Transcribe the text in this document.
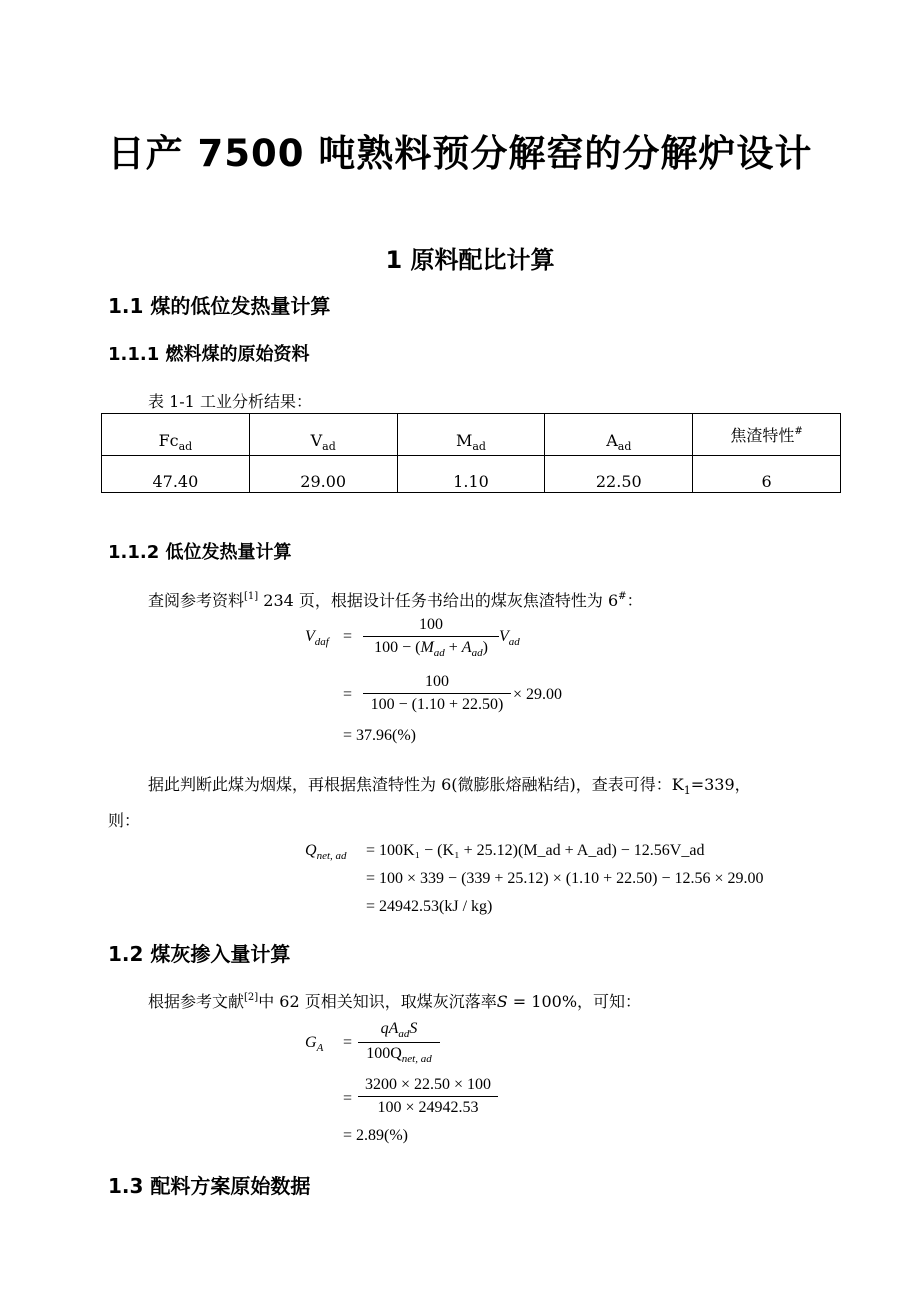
日产 7500 吨熟料预分解窑的分解炉设计
1 原料配比计算
1.1 煤的低位发热量计算
1.1.1 燃料煤的原始资料
表 1-1 工业分析结果：
$Fc_{ad}$	$V_{ad}$	$M_{ad}$	$A_{ad}$	焦渣特性#
47.40	29.00	1.10	22.50	6
1.1.2 低位发热量计算
查阅参考资料[1] 234 页，根据设计任务书给出的煤灰焦渣特性为 6#：
$V_{daf}$ =
100
$100 - (M_{ad} + A_{ad})$
$V_{ad}$
=
100
100 − (1.10 + 22.50)
× 29.00
= 37.96(%)
据此判断此煤为烟煤，再根据焦渣特性为 6(微膨胀熔融粘结)，查表可得：$K_1=339$，
则：
$Q_{net, ad} = 100K_1 - (K_1$ + 25.12)(M_ad + A_ad) − 12.56V_ad
= 100 × 339 − (339 + 25.12) × (1.10 + 22.50) − 12.56 × 29.00
= 24942.53(kJ / kg)
1.2 煤灰掺入量计算
根据参考文献[2]中 62 页相关知识，取煤灰沉落率S = 100%，可知：
$G_A$ =
$qA_{ad}S$
$100Q_{net, ad}$
=
3200 × 22.50 × 100
100 × 24942.53
= 2.89(%)
1.3 配料方案原始数据
